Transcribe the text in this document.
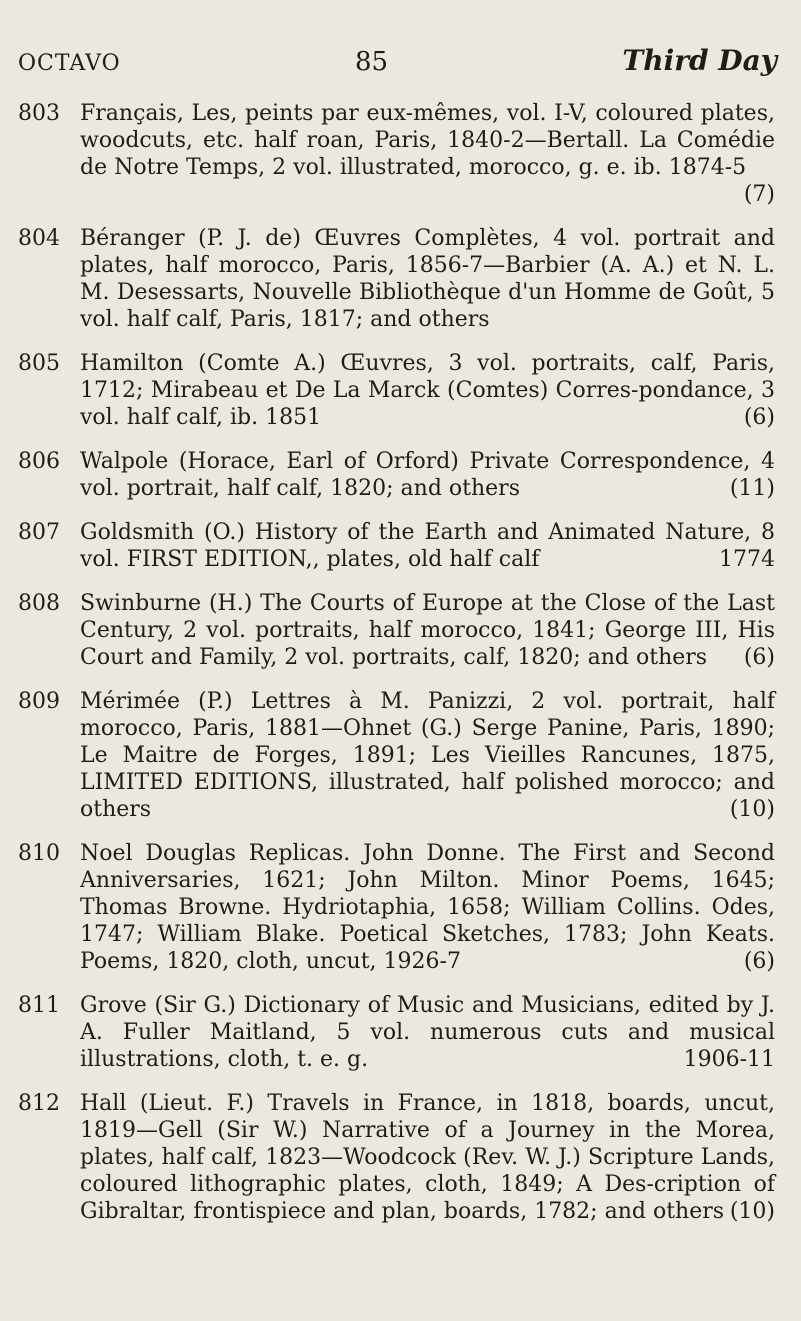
OCTAVO	85	Third Day
803 Français, Les, peints par eux-mêmes, vol. I-V, coloured plates, woodcuts, etc. half roan, Paris, 1840-2—Bertall. La Comédie de Notre Temps, 2 vol. illustrated, morocco, g. e. ib. 1874-5
(7)
804 Béranger (P. J. de) Œuvres Complètes, 4 vol. portrait and plates, half morocco, Paris, 1856-7—Barbier (A. A.) et N. L. M. Desessarts, Nouvelle Bibliothèque d'un Homme de Goût, 5 vol. half calf, Paris, 1817; and others
805 Hamilton (Comte A.) Œuvres, 3 vol. portraits, calf, Paris, 1712; Mirabeau et De La Marck (Comtes) Corres-pondance, 3 vol. half calf, ib. 1851	(6)
806 Walpole (Horace, Earl of Orford) Private Correspondence, 4 vol. portrait, half calf, 1820; and others	(11)
807 Goldsmith (O.) History of the Earth and Animated Nature, 8 vol. FIRST EDITION,, plates, old half calf	1774
808 Swinburne (H.) The Courts of Europe at the Close of the Last Century, 2 vol. portraits, half morocco, 1841; George III, His Court and Family, 2 vol. portraits, calf, 1820; and others (6)
809 Mérimée (P.) Lettres à M. Panizzi, 2 vol. portrait, half morocco, Paris, 1881—Ohnet (G.) Serge Panine, Paris, 1890; Le Maitre de Forges, 1891; Les Vieilles Rancunes, 1875, LIMITED EDITIONS, illustrated, half polished morocco; and others	(10)
810 Noel Douglas Replicas. John Donne. The First and Second Anniversaries, 1621; John Milton. Minor Poems, 1645; Thomas Browne. Hydriotaphia, 1658; William Collins. Odes, 1747; William Blake. Poetical Sketches, 1783; John Keats. Poems, 1820, cloth, uncut, 1926-7	(6)
811 Grove (Sir G.) Dictionary of Music and Musicians, edited by J. A. Fuller Maitland, 5 vol. numerous cuts and musical illustrations, cloth, t. e. g.	1906-11
812 Hall (Lieut. F.) Travels in France, in 1818, boards, uncut, 1819—Gell (Sir W.) Narrative of a Journey in the Morea, plates, half calf, 1823—Woodcock (Rev. W. J.) Scripture Lands, coloured lithographic plates, cloth, 1849; A Des-cription of Gibraltar, frontispiece and plan, boards, 1782; and others (10)
